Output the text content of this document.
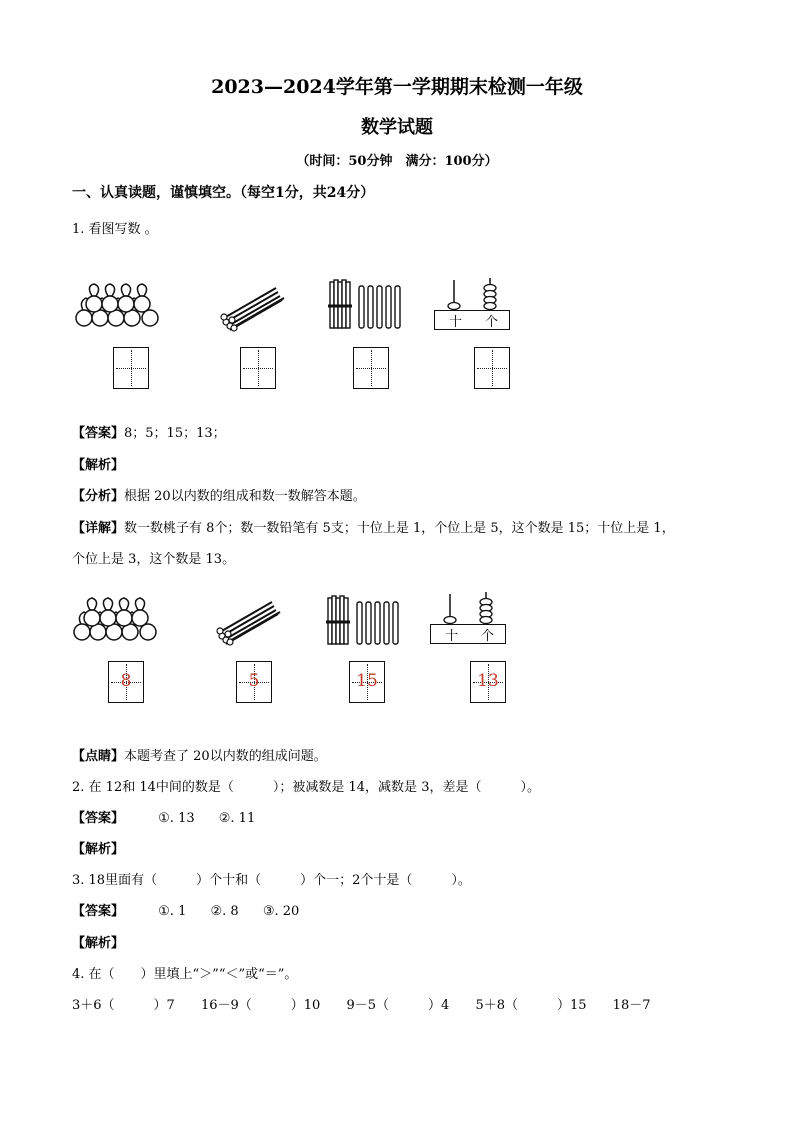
2023—2024学年第一学期期末检测一年级
数学试题
（时间：50分钟　满分：100分）
一、认真读题，谨慎填空。（每空1分，共24分）
1. 看图写数 。
十 个
【答案】8；5；15；13；
【解析】
【分析】根据 20以内数的组成和数一数解答本题。
【详解】数一数桃子有 8个；数一数铅笔有 5支；十位上是 1，个位上是 5，这个数是 15；十位上是 1，
个位上是 3，这个数是 13。
十 个
8	5	15	13
【点睛】本题考查了 20以内数的组成问题。
2. 在 12和 14中间的数是（　　　）；被减数是 14，减数是 3，差是（　　　）。
【答案】	①. 13 ②. 11
【解析】
3. 18里面有（　　　）个十和（　　　）个一；2个十是（　　　）。
【答案】	①. 1 ②. 8 ③. 20
【解析】
4. 在（　　）里填上“＞”“＜”或“＝”。
3＋6（　　　）7 16－9（　　　）10 9－5（　　　）4 5＋8（　　　）15 18－7
